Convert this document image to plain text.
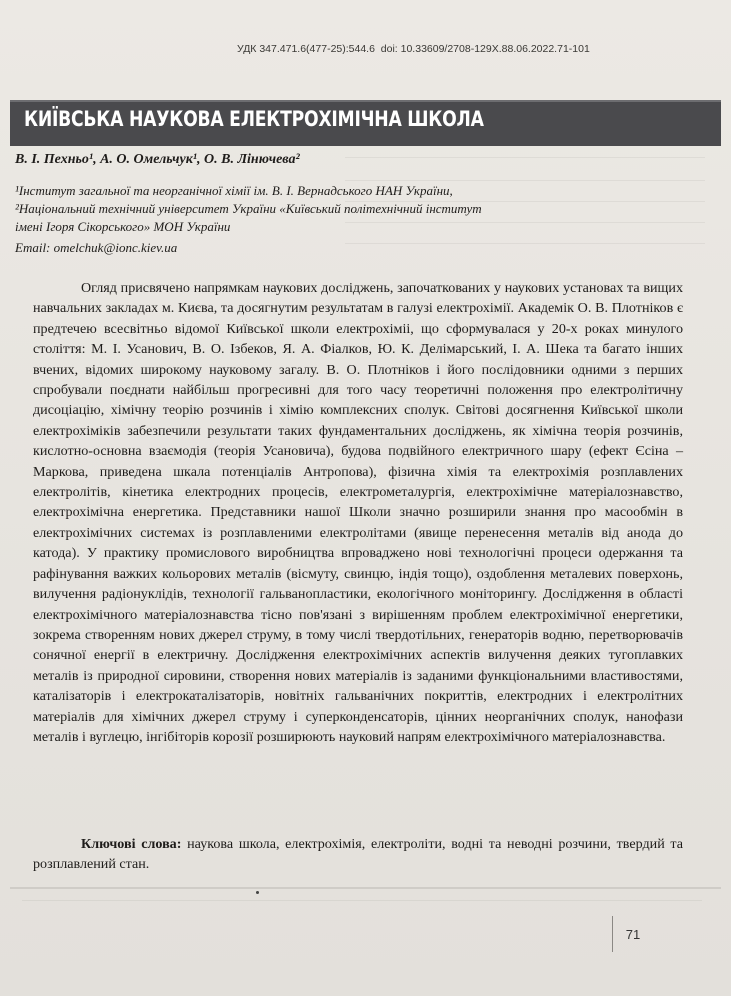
УДК 347.471.6(477-25):544.6 doi: 10.33609/2708-129X.88.06.2022.71-101
КИЇВСЬКА НАУКОВА ЕЛЕКТРОХІМІЧНА ШКОЛА
В. І. Пехньо¹, А. О. Омельчук¹, О. В. Лінючева²
¹Інститут загальної та неорганічної хімії ім. В. І. Вернадського НАН України,
²Національний технічний університет України «Київський політехнічний інститут
імені Ігоря Сікорського» МОН України
Email: omelchuk@ionc.kiev.ua

Огляд присвячено напрямкам наукових досліджень, започаткованих у наукових установах та вищих навчальних закладах м. Києва, та досягнутим результатам в галузі електрохімії. Академік О. В. Плотніков є предтечею всесвітньо відомої Київської школи електрохіміі, що сформувалася у 20-х роках минулого століття: М. І. Усанович, В. О. Ізбеков, Я. А. Фіалков, Ю. К. Делімарський, І. А. Шека та багато інших вчених, відомих широкому науковому загалу. В. О. Плотніков і його послідовники одними з перших спробували поєднати найбільш прогресивні для того часу теоретичні положення про електролітичну дисоціацію, хімічну теорію розчинів і хімію комплексних сполук. Світові досягнення Київської школи електрохіміків забезпечили результати таких фундаментальних досліджень, як хімічна теорія розчинів, кислотно-основна взаємодія (теорія Усановича), будова подвійного електричного шару (ефект Єсіна – Маркова, приведена шкала потенціалів Антропова), фізична хімія та електрохімія розплавлених електролітів, кінетика електродних процесів, електрометалургія, електрохімічне матеріалознавство, електрохімічна енергетика. Представники нашої Школи значно розширили знання про масообмін в електрохімічних системах із розплавленими електролітами (явище перенесення металів від анода до катода). У практику промислового виробництва впроваджено нові технологічні процеси одержання та рафінування важких кольорових металів (вісмуту, свинцю, індія тощо), оздоблення металевих поверхонь, вилучення радіонуклідів, технології гальванопластики, екологічного моніторингу. Дослідження в області електрохімічного матеріалознавства тісно пов'язані з вирішенням проблем електрохімічної енергетики, зокрема створенням нових джерел струму, в тому числі твердотільних, генераторів водню, перетворювачів сонячної енергії в електричну. Дослідження електрохімічних аспектів вилучення деяких тугоплавких металів із природної сировини, створення нових матеріалів із заданими функціональними властивостями, каталізаторів і електрокаталізаторів, новітніх гальванічних покриттів, електродних і електролітних матеріалів для хімічних джерел струму і суперконденсаторів, цінних неорганічних сполук, нанофази металів і вуглецю, інгібіторів корозії розширюють науковий напрям електрохімічного матеріалознавства.

Ключові слова: наукова школа, електрохімія, електроліти, водні та неводні розчини, твердий та розплавлений стан.

71
